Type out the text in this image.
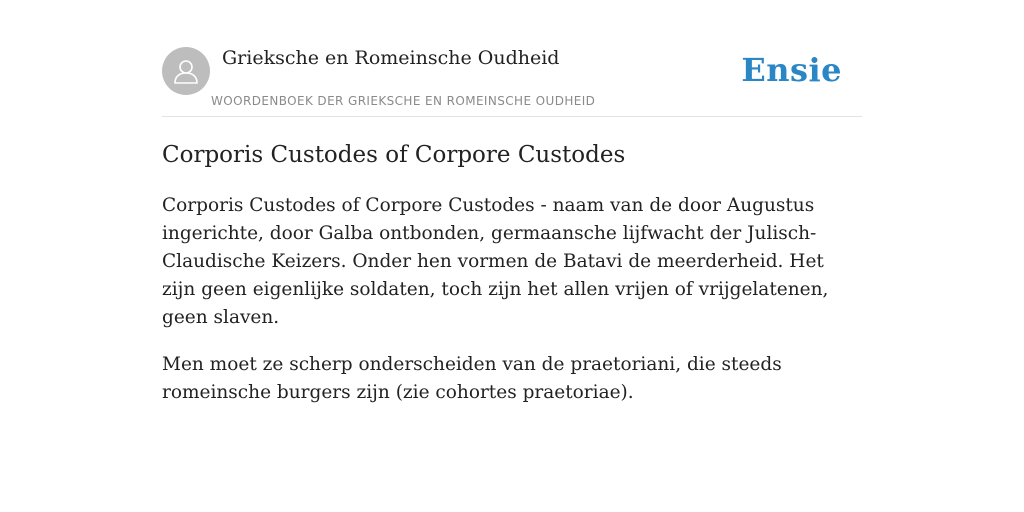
Grieksche en Romeinsche Oudheid
WOORDENBOEK DER GRIEKSCHE EN ROMEINSCHE OUDHEID
Ensie
Corporis Custodes of Corpore Custodes

Corporis Custodes of Corpore Custodes - naam van de door Augustus ingerichte, door Galba ontbonden, germaansche lijfwacht der Julisch- Claudische Keizers. Onder hen vormen de Batavi de meerderheid. Het zijn geen eigenlijke soldaten, toch zijn het allen vrijen of vrijgelatenen, geen slaven.

Men moet ze scherp onderscheiden van de praetoriani, die steeds romeinsche burgers zijn (zie cohortes praetoriae).
